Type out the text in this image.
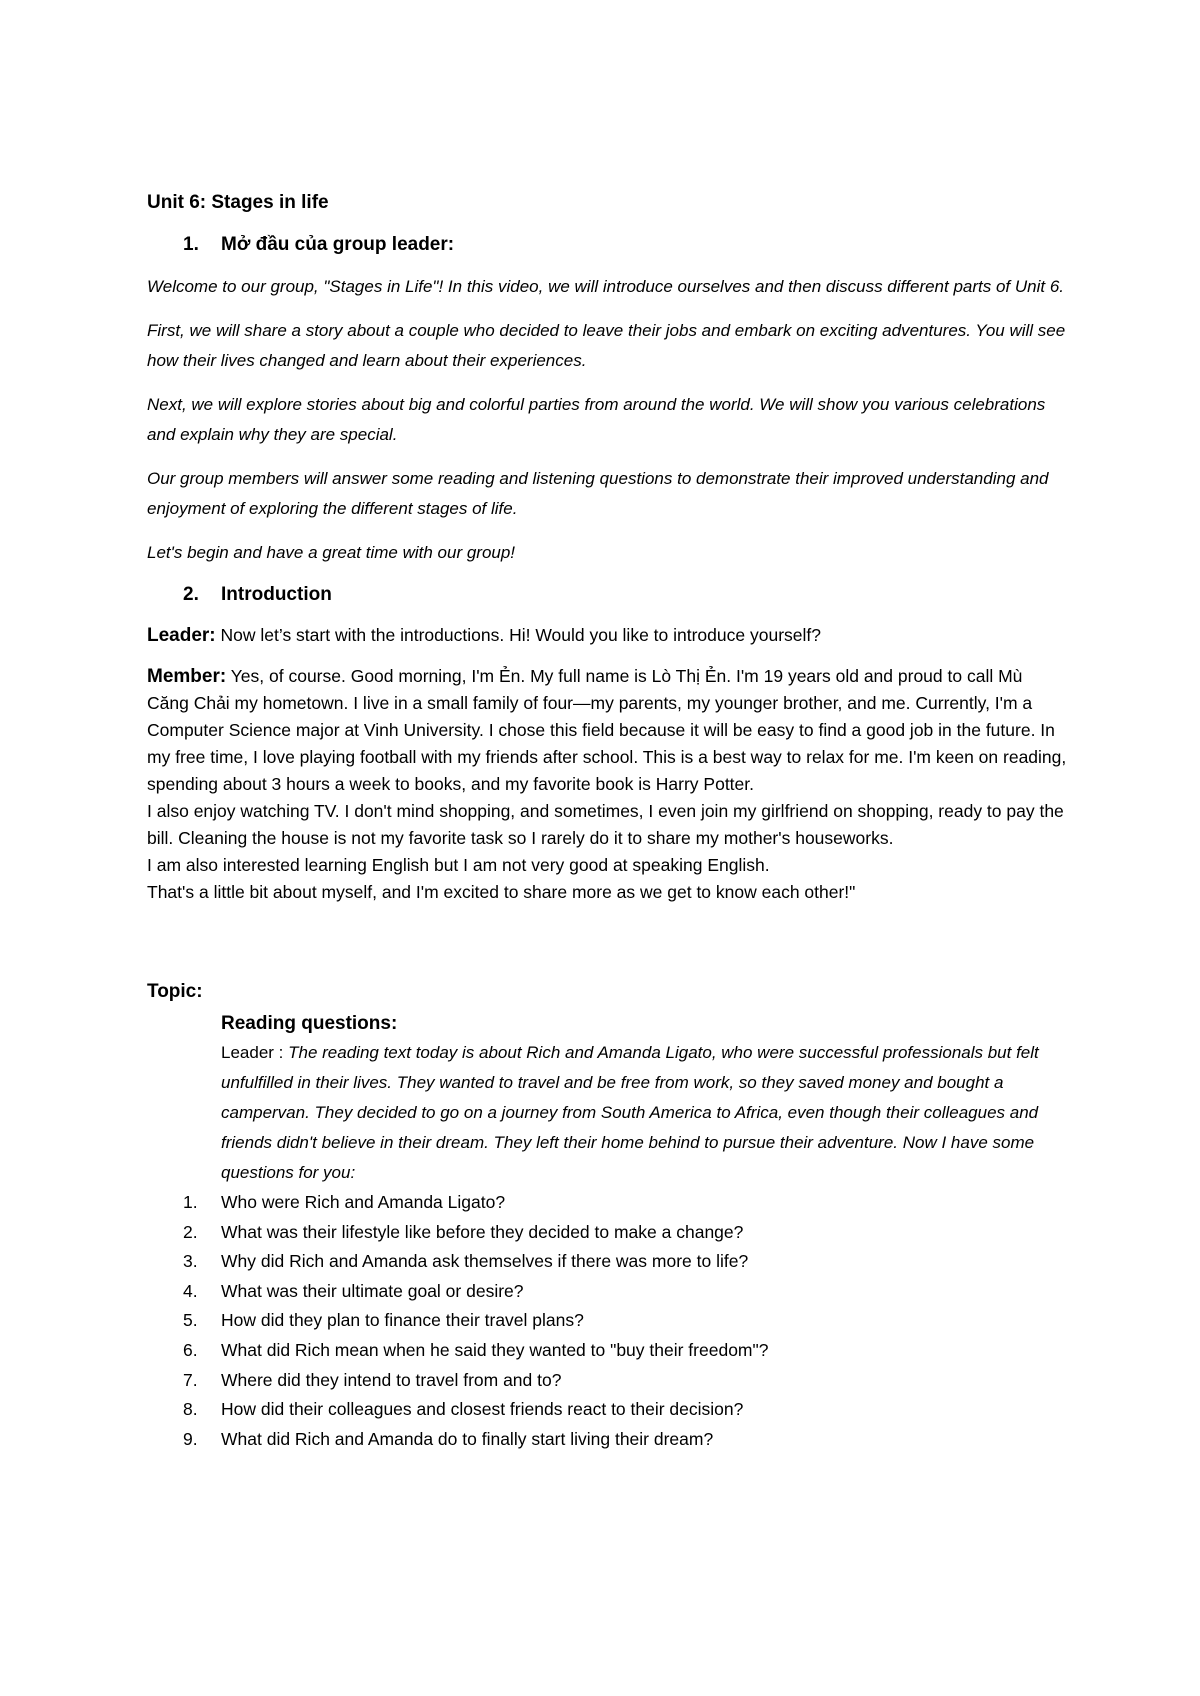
Unit 6: Stages in life
1.	Mở đầu của group leader:

Welcome to our group, "Stages in Life"! In this video, we will introduce ourselves and then discuss different parts of Unit 6.

First, we will share a story about a couple who decided to leave their jobs and embark on exciting adventures. You will see how their lives changed and learn about their experiences.

Next, we will explore stories about big and colorful parties from around the world. We will show you various celebrations and explain why they are special.

Our group members will answer some reading and listening questions to demonstrate their improved understanding and enjoyment of exploring the different stages of life.

Let's begin and have a great time with our group!

2.	Introduction

Leader: Now let’s start with the introductions. Hi! Would you like to introduce yourself?

Member: Yes, of course. Good morning, I'm Ẻn. My full name is Lò Thị Ẻn. I'm 19 years old and proud to call Mù Căng Chải my hometown. I live in a small family of four—my parents, my younger brother, and me. Currently, I'm a Computer Science major at Vinh University. I chose this field because it will be easy to find a good job in the future. In my free time, I love playing football with my friends after school. This is a best way to relax for me. I'm keen on reading, spending about 3 hours a week to books, and my favorite book is Harry Potter.
I also enjoy watching TV. I don't mind shopping, and sometimes, I even join my girlfriend on shopping, ready to pay the bill. Cleaning the house is not my favorite task so I rarely do it to share my mother's houseworks.
I am also interested learning English but I am not very good at speaking English.
That's a little bit about myself, and I'm excited to share more as we get to know each other!"
Topic:
Reading questions:
Leader : The reading text today is about Rich and Amanda Ligato, who were successful professionals but felt unfulfilled in their lives. They wanted to travel and be free from work, so they saved money and bought a campervan. They decided to go on a journey from South America to Africa, even though their colleagues and friends didn't believe in their dream. They left their home behind to pursue their adventure. Now I have some questions for you:
1.	Who were Rich and Amanda Ligato?
2.	What was their lifestyle like before they decided to make a change?
3.	Why did Rich and Amanda ask themselves if there was more to life?
4.	What was their ultimate goal or desire?
5.	How did they plan to finance their travel plans?
6.	What did Rich mean when he said they wanted to "buy their freedom"?
7.	Where did they intend to travel from and to?
8.	How did their colleagues and closest friends react to their decision?
9.	What did Rich and Amanda do to finally start living their dream?
